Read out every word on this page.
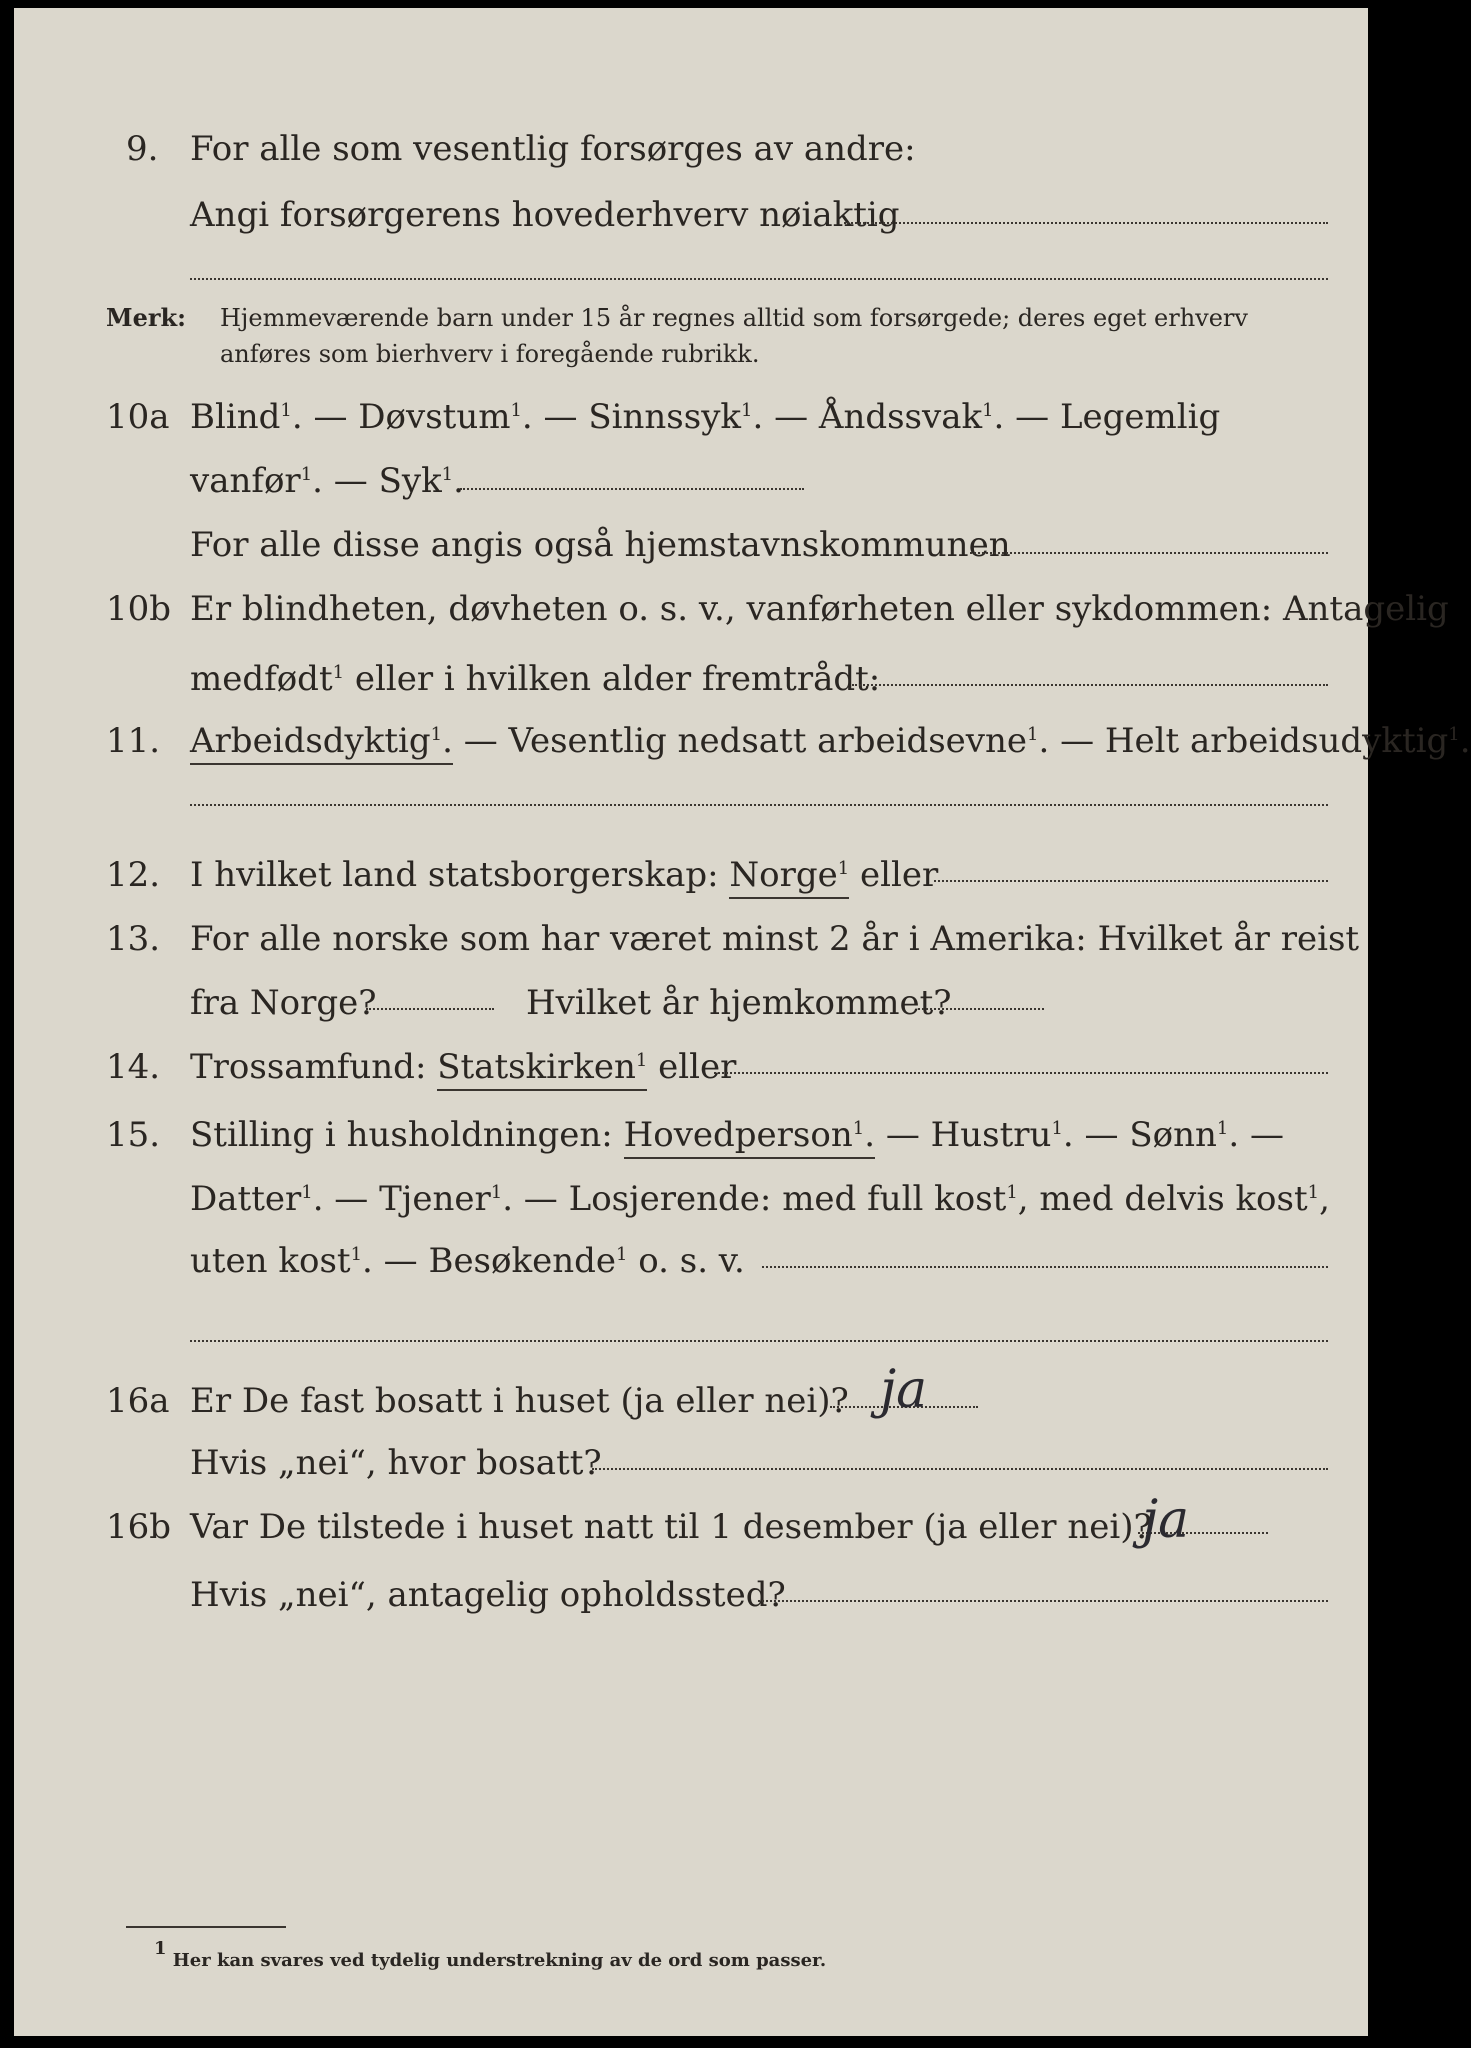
9. For alle som vesentlig forsørges av andre:
Angi forsørgerens hovederhverv nøiaktig
Merk: Hjemmeværende barn under 15 år regnes alltid som forsørgede; deres eget erhverv
anføres som bierhverv i foregående rubrikk.
10a Blind$^1$. — Døvstum$^1$. — Sinnssyk$^1$. — Åndssvak$^1$. — Legemlig
vanfør$^1$. — Syk$^1$.
For alle disse angis også hjemstavnskommunen
10b Er blindheten, døvheten o. s. v., vanførheten eller sykdommen: Antagelig
medfødt$^1$ eller i hvilken alder fremtrådt:
11. Arbeidsdyktig$^1$. — Vesentlig nedsatt arbeidsevne$^1$. — Helt arbeidsudyktig$^1$.
12. I hvilket land statsborgerskap: Norge$^1$ eller
13. For alle norske som har været minst 2 år i Amerika: Hvilket år reist
fra Norge?	Hvilket år hjemkommet?
14. Trossamfund: Statskirken$^1$ eller
15. Stilling i husholdningen: Hovedperson$^1$. — Hustru$^1$. — Sønn$^1$. —
Datter$^1$. — Tjener$^1$. — Losjerende: med full kost$^1$, med delvis kost$^1$,
uten kost$^1$. — Besøkende$^1$ o. s. v.
16a Er De fast bosatt i huset (ja eller nei)? ja
Hvis „nei“, hvor bosatt?
16b Var De tilstede i huset natt til 1 desember (ja eller nei)?
ja
Hvis „nei“, antagelig opholdssted?
1 Her kan svares ved tydelig understrekning av de ord som passer.
